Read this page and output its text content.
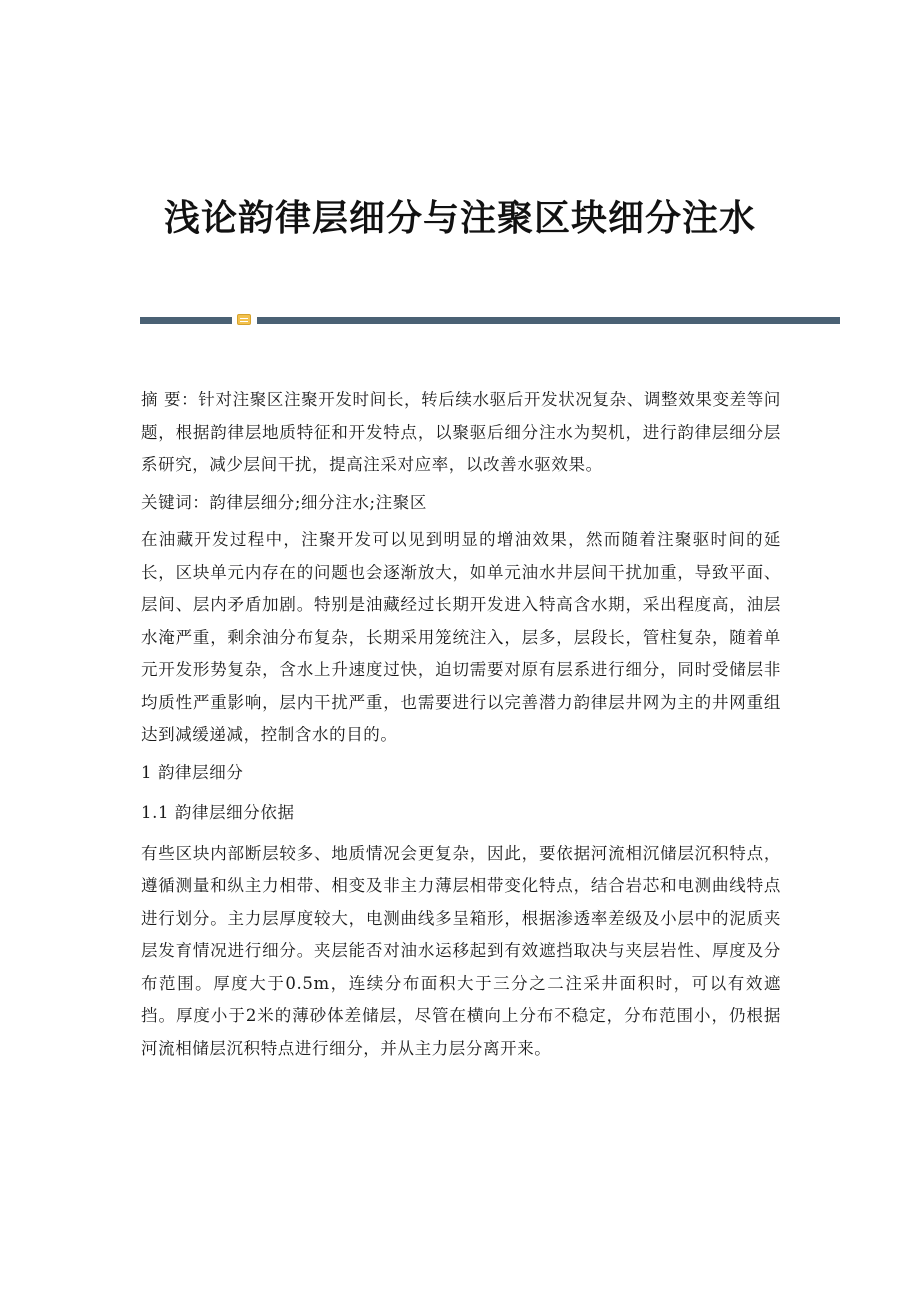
浅论韵律层细分与注聚区块细分注水

摘 要：针对注聚区注聚开发时间长，转后续水驱后开发状况复杂、调整效果变差等问题，根据韵律层地质特征和开发特点，以聚驱后细分注水为契机，进行韵律层细分层系研究，减少层间干扰，提高注采对应率，以改善水驱效果。

关键词：韵律层细分;细分注水;注聚区

在油藏开发过程中，注聚开发可以见到明显的增油效果，然而随着注聚驱时间的延长，区块单元内存在的问题也会逐渐放大，如单元油水井层间干扰加重，导致平面、层间、层内矛盾加剧。特别是油藏经过长期开发进入特高含水期，采出程度高，油层水淹严重，剩余油分布复杂，长期采用笼统注入，层多，层段长，管柱复杂，随着单元开发形势复杂，含水上升速度过快，迫切需要对原有层系进行细分，同时受储层非均质性严重影响，层内干扰严重，也需要进行以完善潜力韵律层井网为主的井网重组达到减缓递减，控制含水的目的。

1 韵律层细分

1.1 韵律层细分依据

有些区块内部断层较多、地质情况会更复杂，因此，要依据河流相沉储层沉积特点，遵循测量和纵主力相带、相变及非主力薄层相带变化特点，结合岩芯和电测曲线特点进行划分。主力层厚度较大，电测曲线多呈箱形，根据渗透率差级及小层中的泥质夹层发育情况进行细分。夹层能否对油水运移起到有效遮挡取决与夹层岩性、厚度及分布范围。厚度大于0.5m，连续分布面积大于三分之二注采井面积时，可以有效遮挡。厚度小于2米的薄砂体差储层，尽管在横向上分布不稳定，分布范围小，仍根据河流相储层沉积特点进行细分，并从主力层分离开来。
